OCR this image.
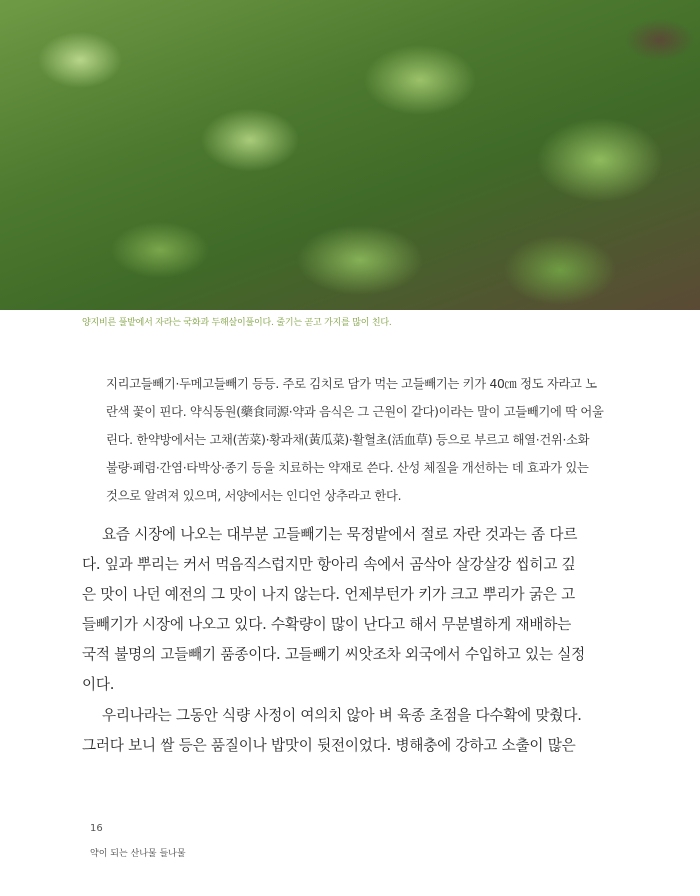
양지비른 풀밭에서 자라는 국화과 두해살이풀이다. 줄기는 곧고 가지를 많이 친다.
지리고들빼기·두메고들빼기 등등. 주로 김치로 담가 먹는 고들빼기는 키가 40㎝ 정도 자라고 노
란색 꽃이 핀다. 약식동원(藥食同源·약과 음식은 그 근원이 같다)이라는 말이 고들빼기에 딱 어울
린다. 한약방에서는 고채(苦菜)·황과채(黃瓜菜)·활혈초(活血草) 등으로 부르고 해열·건위·소화
불량·폐렴·간염·타박상·종기 등을 치료하는 약재로 쓴다. 산성 체질을 개선하는 데 효과가 있는
것으로 알려져 있으며, 서양에서는 인디언 상추라고 한다.

요즘 시장에 나오는 대부분 고들빼기는 묵정밭에서 절로 자란 것과는 좀 다르
다. 잎과 뿌리는 커서 먹음직스럽지만 항아리 속에서 곰삭아 살강살강 씹히고 깊
은 맛이 나던 예전의 그 맛이 나지 않는다. 언제부턴가 키가 크고 뿌리가 굵은 고
들빼기가 시장에 나오고 있다. 수확량이 많이 난다고 해서 무분별하게 재배하는
국적 불명의 고들빼기 품종이다. 고들빼기 씨앗조차 외국에서 수입하고 있는 실정
이다.

우리나라는 그동안 식량 사정이 여의치 않아 벼 육종 초점을 다수확에 맞췄다.
그러다 보니 쌀 등은 품질이나 밥맛이 뒷전이었다. 병해충에 강하고 소출이 많은

16
약이 되는 산나물 들나물
